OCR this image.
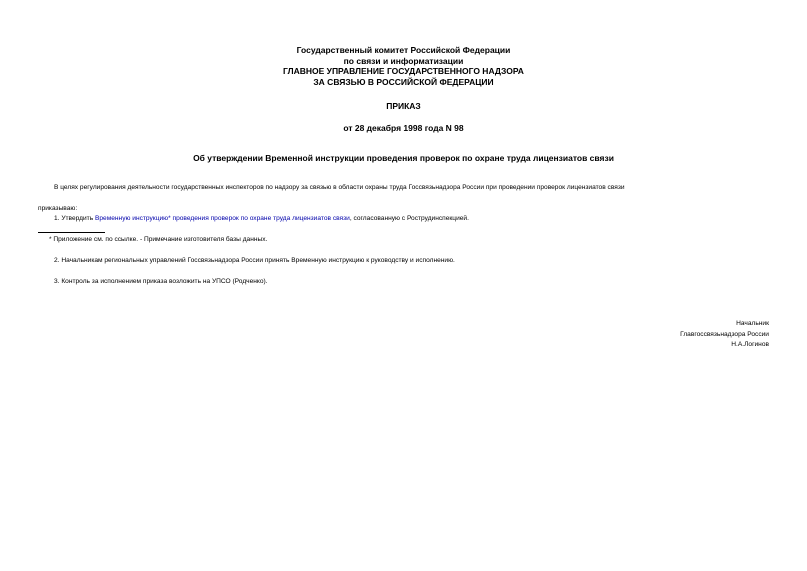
Государственный комитет Российской Федерации
по связи и информатизации
ГЛАВНОЕ УПРАВЛЕНИЕ ГОСУДАРСТВЕННОГО НАДЗОРА
ЗА СВЯЗЬЮ В РОССИЙСКОЙ ФЕДЕРАЦИИ
ПРИКАЗ
от 28 декабря 1998 года N 98
Об утверждении Временной инструкции проведения проверок по охране труда лицензиатов связи
В целях регулирования деятельности государственных инспекторов по надзору за связью в области охраны труда Госсвязьнадзора России при проведении проверок лицензиатов связи
приказываю:
1. Утвердить Временную инструкцию* проведения проверок по охране труда лицензиатов связи, согласованную с Рострудинспекцией.
* Приложение см. по ссылке. - Примечание изготовителя базы данных.
2. Начальникам региональных управлений Госсвязьнадзора России принять Временную инструкцию к руководству и исполнению.
3. Контроль за исполнением приказа возложить на УПСО (Родченко).
Начальник
Главгоссвязьнадзора России
Н.А.Логинов
